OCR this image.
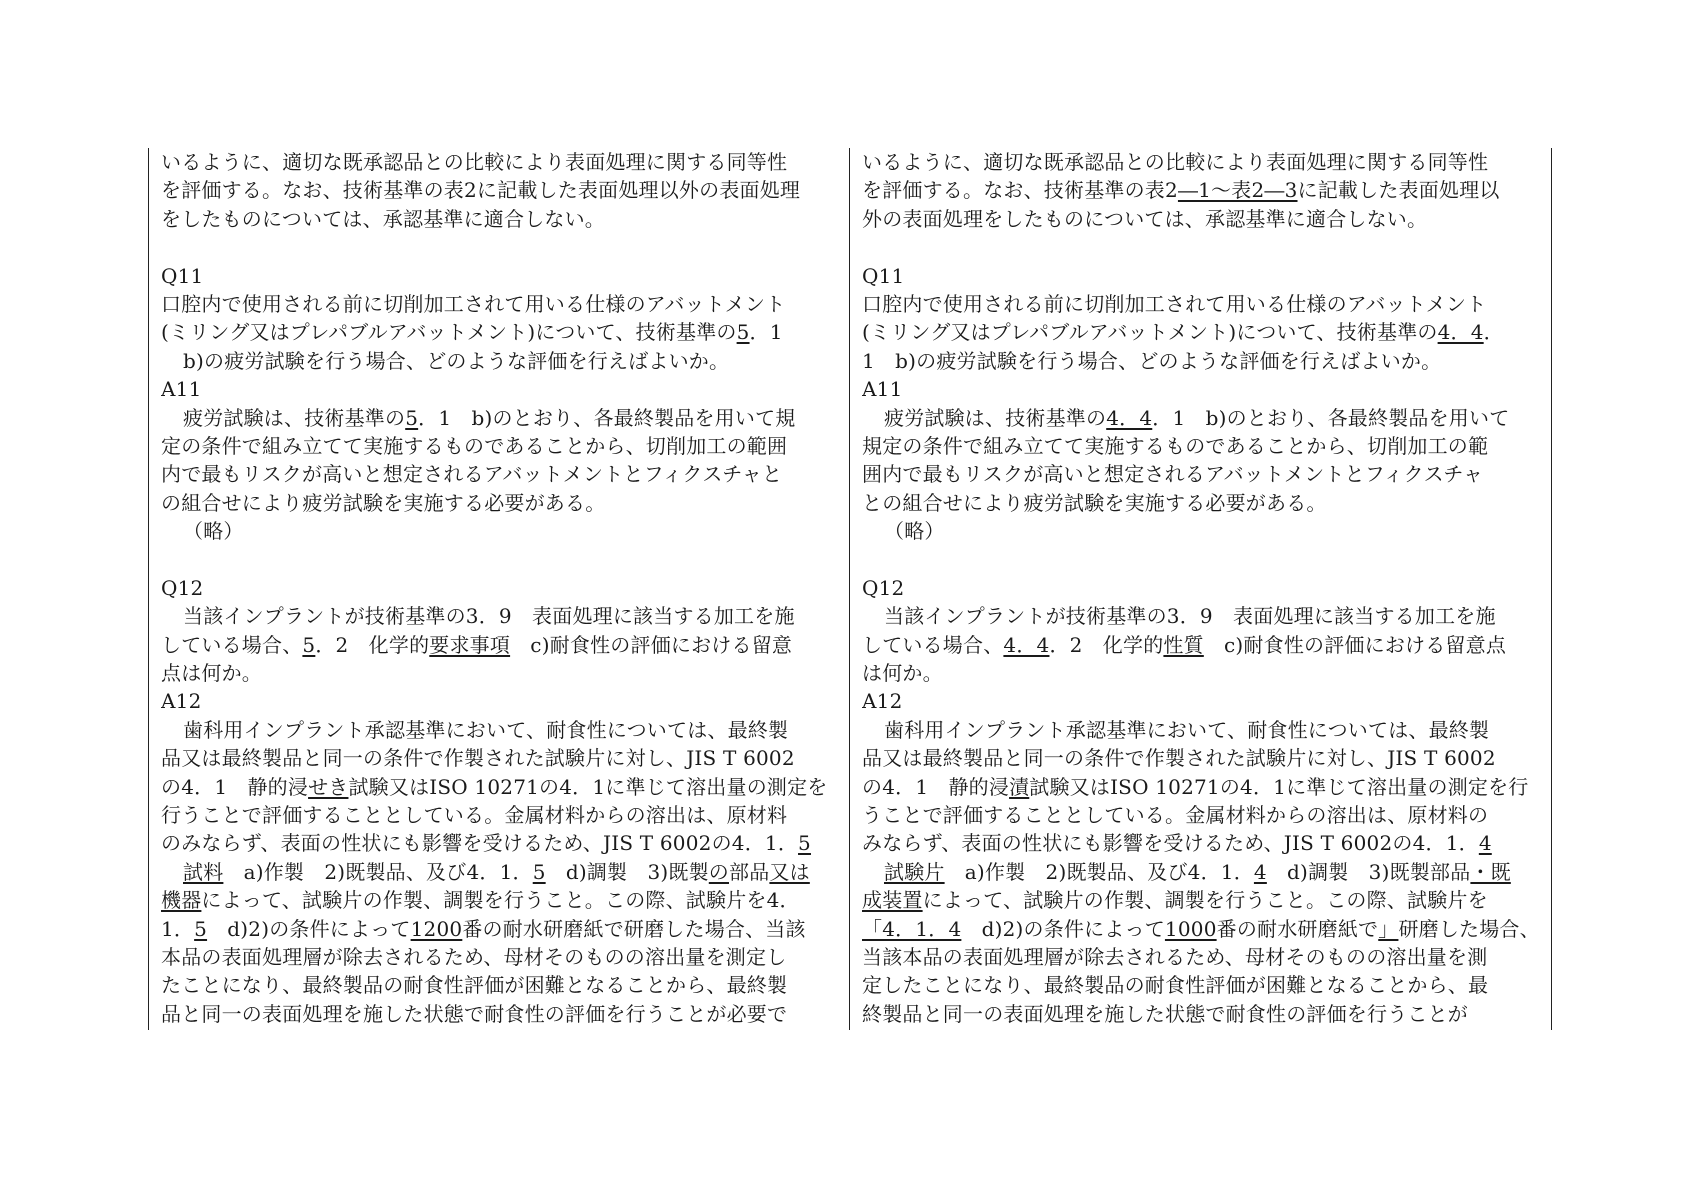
いるように、適切な既承認品との比較により表面処理に関する同等性
を評価する。なお、技術基準の表2に記載した表面処理以外の表面処理
をしたものについては、承認基準に適合しない。
Q11
口腔内で使用される前に切削加工されて用いる仕様のアバットメント
(ミリング又はプレパブルアバットメント)について、技術基準の5．1
b)の疲労試験を行う場合、どのような評価を行えばよいか。
A11
疲労試験は、技術基準の5．1　b)のとおり、各最終製品を用いて規
定の条件で組み立てて実施するものであることから、切削加工の範囲
内で最もリスクが高いと想定されるアバットメントとフィクスチャと
の組合せにより疲労試験を実施する必要がある。
（略）
Q12
当該インプラントが技術基準の3．9　表面処理に該当する加工を施
している場合、5．2　化学的要求事項　c)耐食性の評価における留意
点は何か。
A12
歯科用インプラント承認基準において、耐食性については、最終製
品又は最終製品と同一の条件で作製された試験片に対し、JIS T 6002
の4．1　静的浸せき試験又はISO 10271の4．1に準じて溶出量の測定を
行うことで評価することとしている。金属材料からの溶出は、原材料
のみならず、表面の性状にも影響を受けるため、JIS T 6002の4．1．5
試料　a)作製　2)既製品、及び4．1．5　d)調製　3)既製の部品又は
機器によって、試験片の作製、調製を行うこと。この際、試験片を4．
1．5　d)2)の条件によって1200番の耐水研磨紙で研磨した場合、当該
本品の表面処理層が除去されるため、母材そのものの溶出量を測定し
たことになり、最終製品の耐食性評価が困難となることから、最終製
品と同一の表面処理を施した状態で耐食性の評価を行うことが必要で
いるように、適切な既承認品との比較により表面処理に関する同等性
を評価する。なお、技術基準の表2―1～表2―3に記載した表面処理以
外の表面処理をしたものについては、承認基準に適合しない。
Q11
口腔内で使用される前に切削加工されて用いる仕様のアバットメント
(ミリング又はプレパブルアバットメント)について、技術基準の4．4．
1　b)の疲労試験を行う場合、どのような評価を行えばよいか。
A11
疲労試験は、技術基準の4．4．1　b)のとおり、各最終製品を用いて
規定の条件で組み立てて実施するものであることから、切削加工の範
囲内で最もリスクが高いと想定されるアバットメントとフィクスチャ
との組合せにより疲労試験を実施する必要がある。
（略）
Q12
当該インプラントが技術基準の3．9　表面処理に該当する加工を施
している場合、4．4．2　化学的性質　c)耐食性の評価における留意点
は何か。
A12
歯科用インプラント承認基準において、耐食性については、最終製
品又は最終製品と同一の条件で作製された試験片に対し、JIS T 6002
の4．1　静的浸漬試験又はISO 10271の4．1に準じて溶出量の測定を行
うことで評価することとしている。金属材料からの溶出は、原材料の
みならず、表面の性状にも影響を受けるため、JIS T 6002の4．1．4
試験片　a)作製　2)既製品、及び4．1．4　d)調製　3)既製部品・既
成装置によって、試験片の作製、調製を行うこと。この際、試験片を
「4．1．4　d)2)の条件によって1000番の耐水研磨紙で」研磨した場合、
当該本品の表面処理層が除去されるため、母材そのものの溶出量を測
定したことになり、最終製品の耐食性評価が困難となることから、最
終製品と同一の表面処理を施した状態で耐食性の評価を行うことが
